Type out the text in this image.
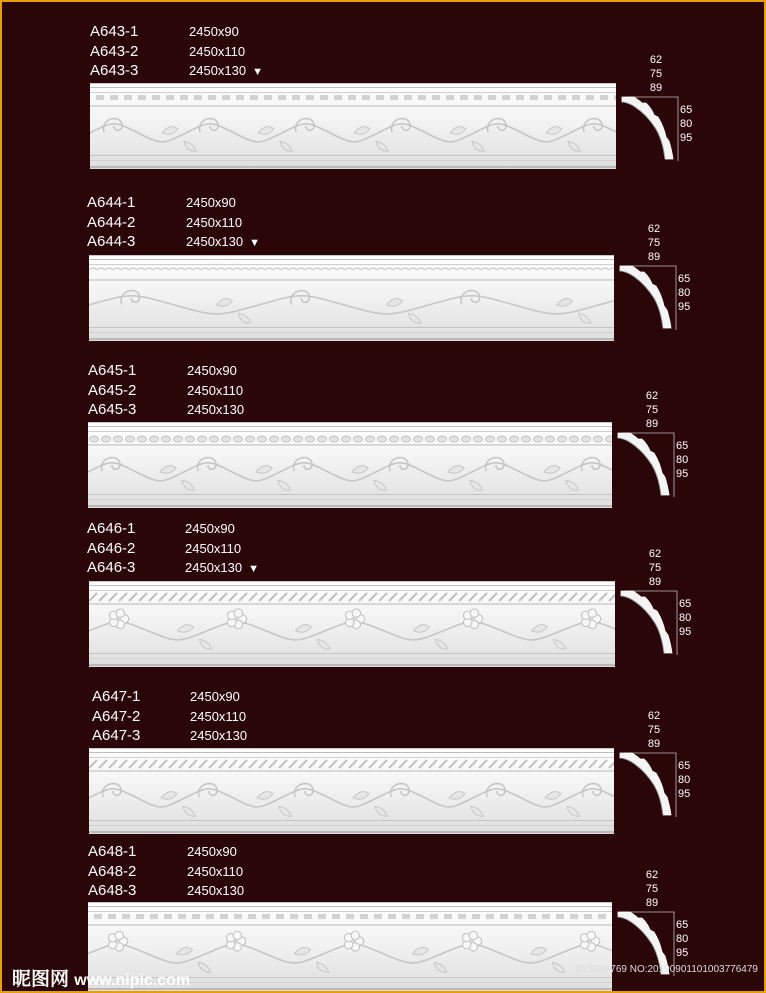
A643-1
A643-2
A643-3
2450x90
2450x110
2450x130 ▼
62
75
89
65
80
95
A644-1
A644-2
A644-3
2450x90
2450x110
2450x130 ▼
62
75
89
65
80
95
A645-1
A645-2
A645-3
2450x90
2450x110
2450x130
62
75
89
65
80
95
A646-1
A646-2
A646-3
2450x90
2450x110
2450x130 ▼
62
75
89
65
80
95
A647-1
A647-2
A647-3
2450x90
2450x110
2450x130
62
75
89
65
80
95
A648-1
A648-2
A648-3
2450x90
2450x110
2450x130
62
75
89
65
80
95
昵图网 www.nipic.com
ID:5598769 NO:20190901101003776479
